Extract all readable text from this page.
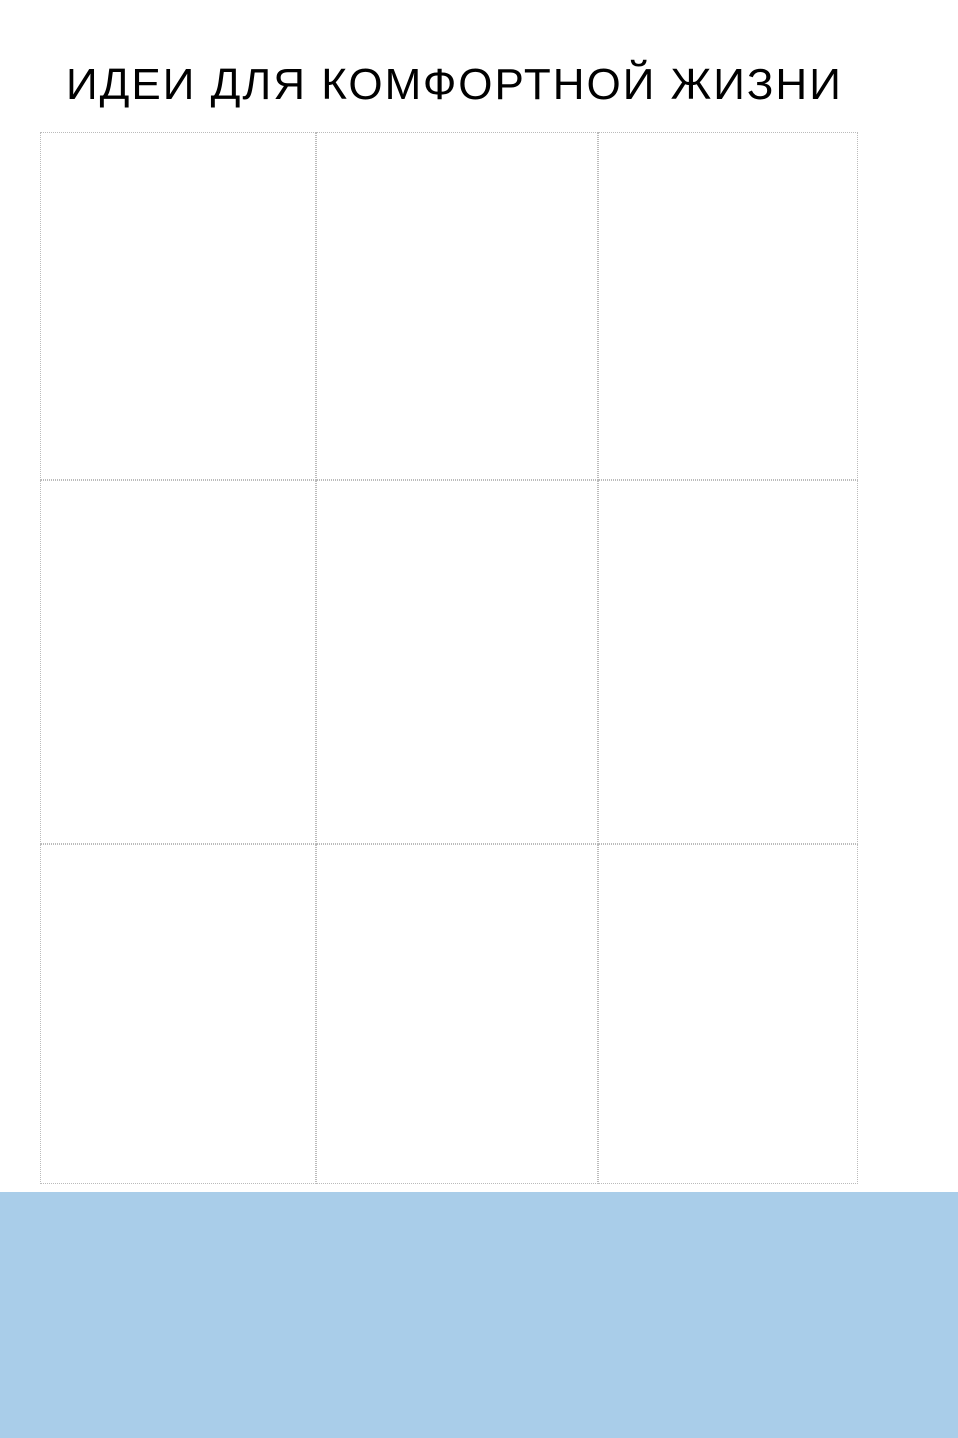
ИДЕИ ДЛЯ КОМФОРТНОЙ ЖИЗНИ
